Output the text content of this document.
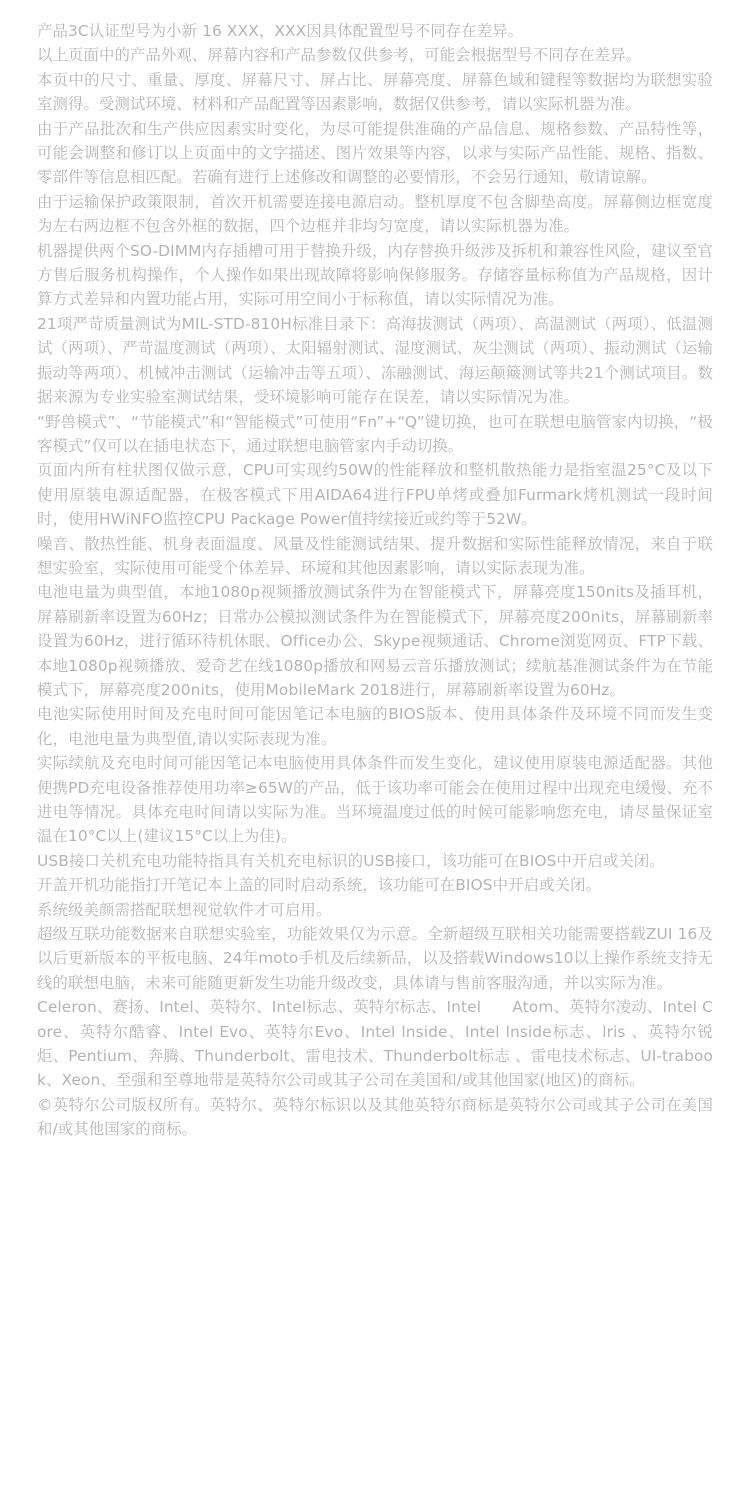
产品3C认证型号为小新 16 XXX，XXX因具体配置型号不同存在差异。

以上页面中的产品外观、屏幕内容和产品参数仅供参考，可能会根据型号不同存在差异。

本页中的尺寸、重量、厚度、屏幕尺寸、屏占比、屏幕亮度、屏幕色域和键程等数据均为联想实验室测得。受测试环境、材料和产品配置等因素影响，数据仅供参考，请以实际机器为准。

由于产品批次和生产供应因素实时变化，为尽可能提供准确的产品信息、规格参数、产品特性等，可能会调整和修订以上页面中的文字描述、图片效果等内容，以求与实际产品性能、规格、指数、零部件等信息相匹配。若确有进行上述修改和调整的必要情形，不会另行通知，敬请谅解。

由于运输保护政策限制，首次开机需要连接电源启动。整机厚度不包含脚垫高度。屏幕侧边框宽度为左右两边框不包含外框的数据，四个边框并非均匀宽度，请以实际机器为准。

机器提供两个SO-DIMM内存插槽可用于替换升级，内存替换升级涉及拆机和兼容性风险，建议至官方售后服务机构操作，个人操作如果出现故障将影响保修服务。存储容量标称值为产品规格，因计算方式差异和内置功能占用，实际可用空间小于标称值，请以实际情况为准。

21项严苛质量测试为MIL-STD-810H标准目录下：高海拔测试（两项）、高温测试（两项）、低温测试（两项）、严苛温度测试（两项）、太阳辐射测试、湿度测试、灰尘测试（两项）、振动测试（运输振动等两项）、机械冲击测试（运输冲击等五项）、冻融测试、海运颠簸测试等共21个测试项目。数据来源为专业实验室测试结果，受环境影响可能存在误差，请以实际情况为准。

“野兽模式”、“节能模式”和“智能模式”可使用“Fn”+“Q”键切换，也可在联想电脑管家内切换，“极客模式”仅可以在插电状态下，通过联想电脑管家内手动切换。

页面内所有柱状图仅做示意，CPU可实现约50W的性能释放和整机散热能力是指室温25°C及以下使用原装电源适配器，在极客模式下用AIDA64进行FPU单烤或叠加Furmark烤机测试一段时间时，使用HWiNFO监控CPU Package Power值持续接近或约等于52W。

噪音、散热性能、机身表面温度、风量及性能测试结果、提升数据和实际性能释放情况，来自于联想实验室，实际使用可能受个体差异、环境和其他因素影响，请以实际表现为准。

电池电量为典型值，本地1080p视频播放测试条件为在智能模式下，屏幕亮度150nits及插耳机，屏幕刷新率设置为60Hz；日常办公模拟测试条件为在智能模式下，屏幕亮度200nits，屏幕刷新率设置为60Hz，进行循环待机休眠、Office办公、Skype视频通话、Chrome浏览网页、FTP下载、本地1080p视频播放、爱奇艺在线1080p播放和网易云音乐播放测试；续航基准测试条件为在节能模式下，屏幕亮度200nits，使用MobileMark 2018进行，屏幕刷新率设置为60Hz。

电池实际使用时间及充电时间可能因笔记本电脑的BIOS版本、使用具体条件及环境不同而发生变化，电池电量为典型值,请以实际表现为准。

实际续航及充电时间可能因笔记本电脑使用具体条件而发生变化，建议使用原装电源适配器。其他便携PD充电设备推荐使用功率≥65W的产品，低于该功率可能会在使用过程中出现充电缓慢、充不进电等情况。具体充电时间请以实际为准。当环境温度过低的时候可能影响您充电，请尽量保证室温在10°C以上(建议15°C以上为佳)。

USB接口关机充电功能特指具有关机充电标识的USB接口，该功能可在BIOS中开启或关闭。

开盖开机功能指打开笔记本上盖的同时启动系统，该功能可在BIOS中开启或关闭。

系统级美颜需搭配联想视觉软件才可启用。

超级互联功能数据来自联想实验室，功能效果仅为示意。全新超级互联相关功能需要搭载ZUI 16及以后更新版本的平板电脑、24年moto手机及后续新品，以及搭载Windows10以上操作系统支持无线的联想电脑，未来可能随更新发生功能升级改变，具体请与售前客服沟通，并以实际为准。

Celeron、赛扬、Intel、英特尔、Intel标志、英特尔标志、Intel　　Atom、英特尔凌动、Intel Core、英特尔酷睿、Intel Evo、英特尔Evo、Intel lnside、Intel lnside标志、lris 、英特尔锐炬、Pentium、奔腾、Thunderbolt、雷电技术、Thunderbolt标志 、雷电技术标志、UI-trabook、Xeon、至强和至尊地带是英特尔公司或其子公司在美国和/或其他国家(地区)的商标。

©英特尔公司版权所有。英特尔、英特尔标识以及其他英特尔商标是英特尔公司或其子公司在美国和/或其他国家的商标。
